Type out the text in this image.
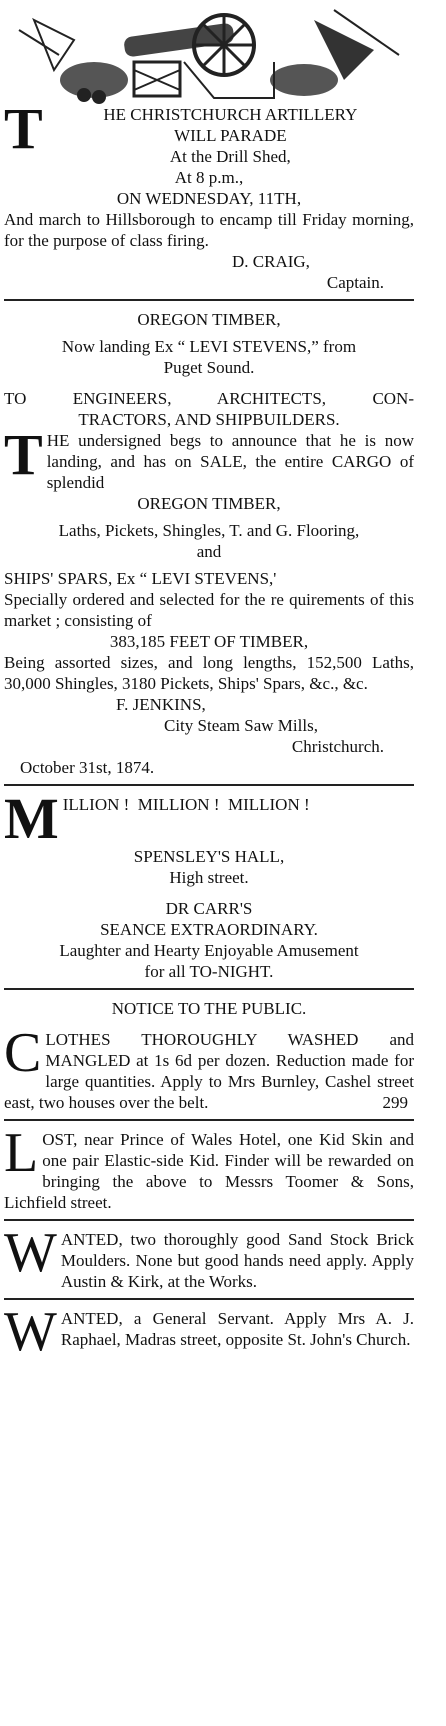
T	HE CHRISTCHURCH ARTILLERY

WILL PARADE

At the Drill Shed,

At 8 p.m.,

ON WEDNESDAY, 11TH,

And march to Hillsborough to encamp till Friday morning, for the purpose of class firing.

D. CRAIG,

Captain.

OREGON TIMBER,

Now landing Ex “ LEVI STEVENS,” from

Puget Sound.

TO ENGINEERS, ARCHITECTS, CON-

TRACTORS, AND SHIPBUILDERS.

T HE undersigned begs to announce that he is now landing, and has on SALE, the entire CARGO of splendid

OREGON TIMBER,

Laths, Pickets, Shingles, T. and G. Flooring,

and

SHIPS' SPARS, Ex “ LEVI STEVENS,'

Specially ordered and selected for the re quirements of this market ; consisting of

383,185 FEET OF TIMBER,

Being assorted sizes, and long lengths, 152,500 Laths, 30,000 Shingles, 3180 Pickets, Ships' Spars, &c., &c.

F. JENKINS,

City Steam Saw Mills,

Christchurch.

October 31st, 1874.

M ILLION !  MILLION !  MILLION !

SPENSLEY'S HALL,

High street.

DR CARR'S

SEANCE EXTRAORDINARY.

Laughter and Hearty Enjoyable Amusement

for all TO-NIGHT.

NOTICE TO THE PUBLIC.

C LOTHES THOROUGHLY WASHED and MANGLED at 1s 6d per dozen. Reduction made for large quantities. Apply to Mrs Burnley, Cashel street east, two houses over the belt.	299

L OST, near Prince of Wales Hotel, one Kid Skin and one pair Elastic-side Kid. Finder will be rewarded on bringing the above to Messrs Toomer & Sons, Lichfield street.

W ANTED, two thoroughly good Sand Stock Brick Moulders. None but good hands need apply. Apply Austin & Kirk, at the Works.

W ANTED, a General Servant. Apply Mrs A. J. Raphael, Madras street, opposite St. John's Church.
